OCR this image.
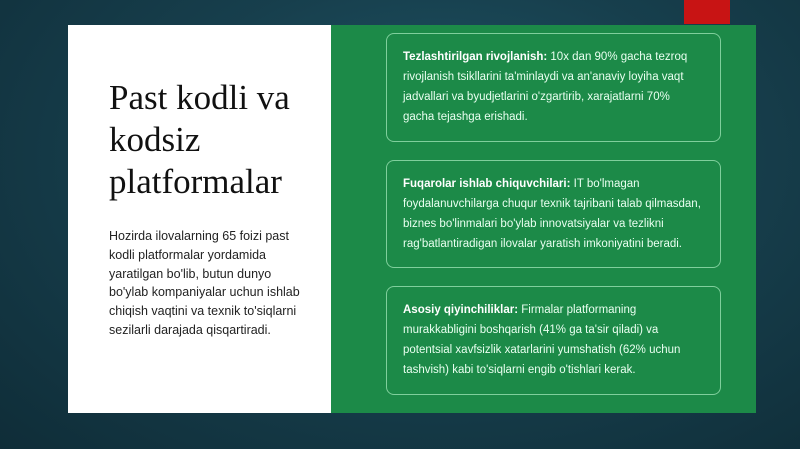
Past kodli va
kodsiz
platformalar

Hozirda ilovalarning 65 foizi past kodli platformalar yordamida yaratilgan bo'lib, butun dunyo bo'ylab kompaniyalar uchun ishlab chiqish vaqtini va texnik to'siqlarni sezilarli darajada qisqartiradi.

Tezlashtirilgan rivojlanish: 10x dan 90% gacha tezroq rivojlanish tsikllarini ta'minlaydi va an'anaviy loyiha vaqt jadvallari va byudjetlarini o'zgartirib, xarajatlarni 70% gacha tejashga erishadi.
Fuqarolar ishlab chiquvchilari: IT bo'lmagan foydalanuvchilarga chuqur texnik tajribani talab qilmasdan, biznes bo'linmalari bo'ylab innovatsiyalar va tezlikni rag'batlantiradigan ilovalar yaratish imkoniyatini beradi.
Asosiy qiyinchiliklar: Firmalar platformaning murakkabligini boshqarish (41% ga ta'sir qiladi) va potentsial xavfsizlik xatarlarini yumshatish (62% uchun tashvish) kabi to'siqlarni engib o'tishlari kerak.
